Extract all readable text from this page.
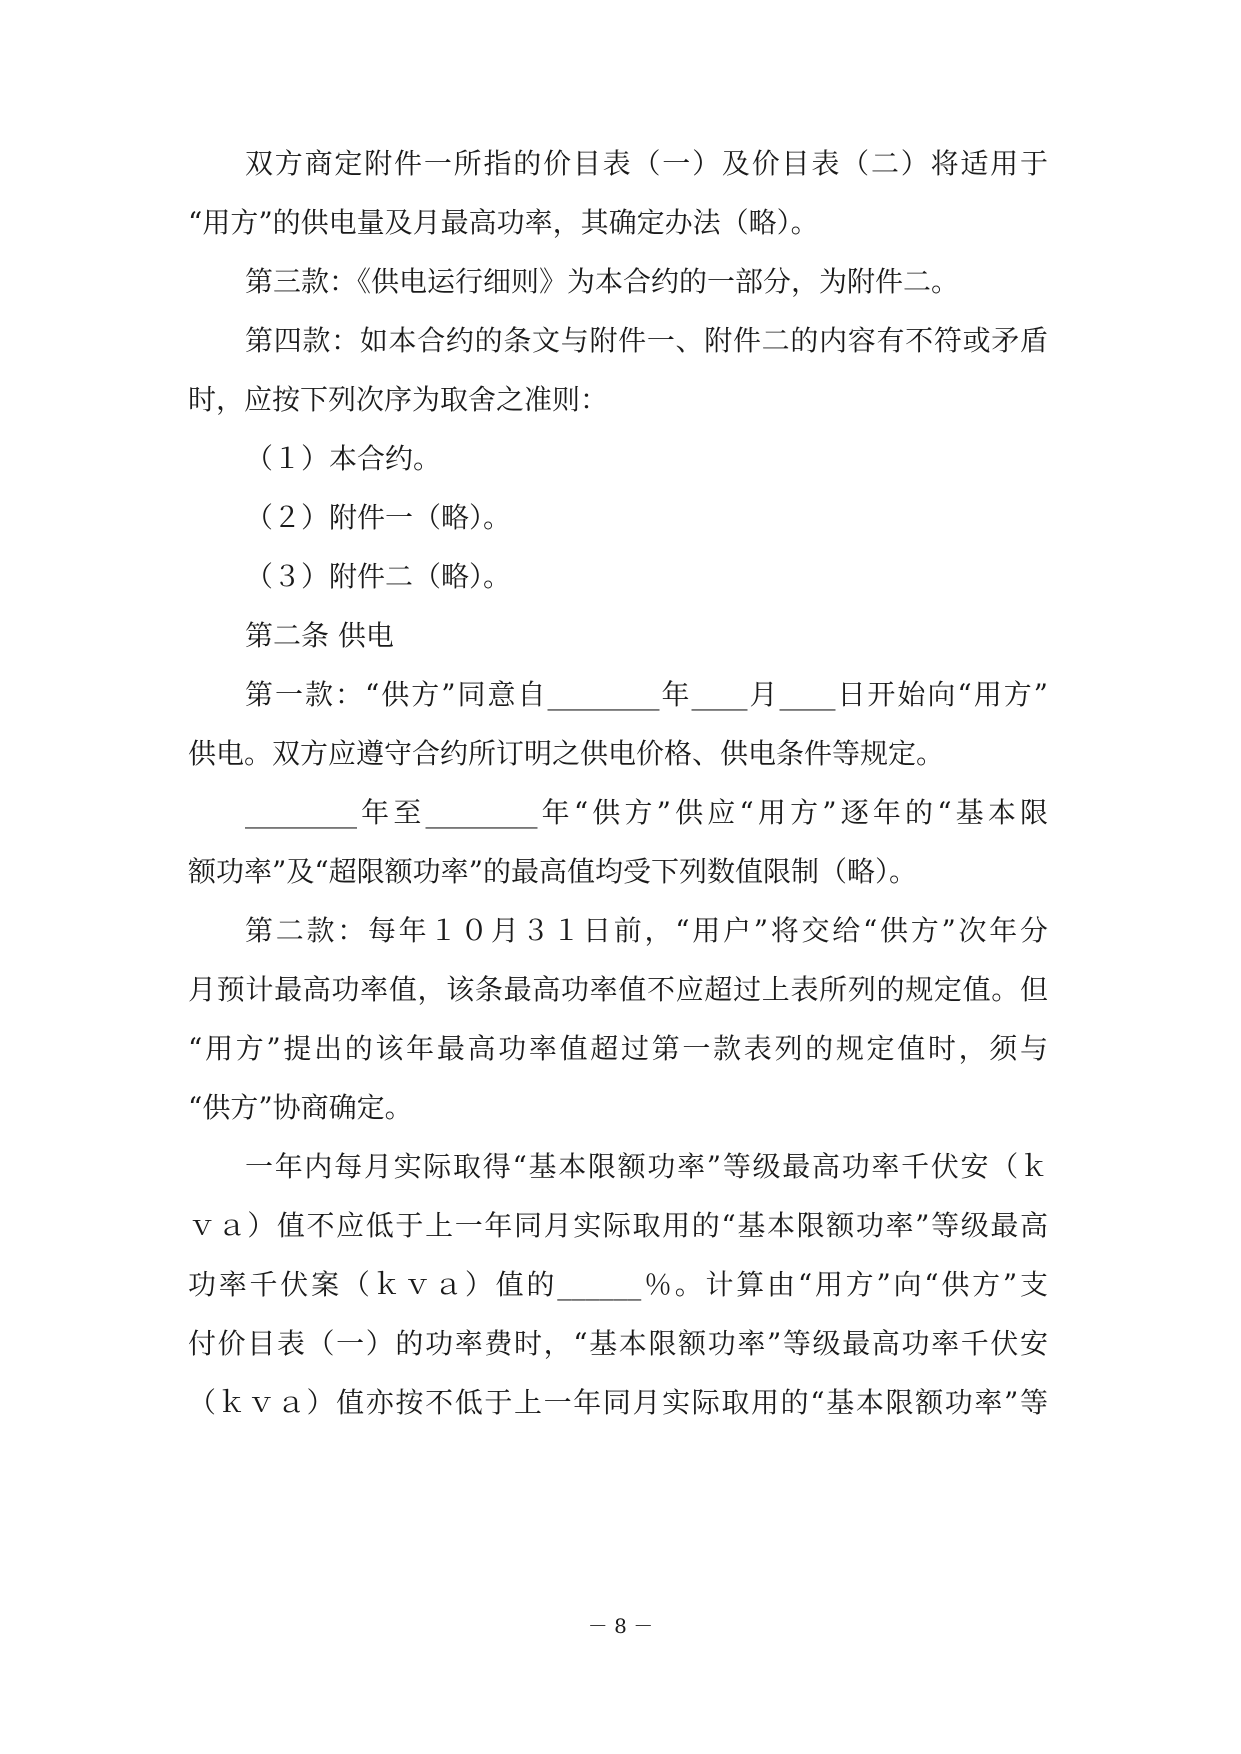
双方商定附件一所指的价目表（一）及价目表（二）将适用于
“用方”的供电量及月最高功率，其确定办法（略）。
第三款：《供电运行细则》为本合约的一部分，为附件二。
第四款：如本合约的条文与附件一、附件二的内容有不符或矛盾
时，应按下列次序为取舍之准则：
（１）本合约。
（２）附件一（略）。
（３）附件二（略）。
第二条 供电
第一款：“供方”同意自________年____月____日开始向“用方”
供电。双方应遵守合约所订明之供电价格、供电条件等规定。
________年至________年“供方”供应“用方”逐年的“基本限
额功率”及“超限额功率”的最高值均受下列数值限制（略）。
第二款：每年１０月３１日前，“用户”将交给“供方”次年分
月预计最高功率值，该条最高功率值不应超过上表所列的规定值。但
“用方”提出的该年最高功率值超过第一款表列的规定值时，须与
“供方”协商确定。
一年内每月实际取得“基本限额功率”等级最高功率千伏安（ｋ
ｖａ）值不应低于上一年同月实际取用的“基本限额功率”等级最高
功率千伏案（ｋｖａ）值的______％。计算由“用方”向“供方”支
付价目表（一）的功率费时，“基本限额功率”等级最高功率千伏安
（ｋｖａ）值亦按不低于上一年同月实际取用的“基本限额功率”等
－ 8 －
